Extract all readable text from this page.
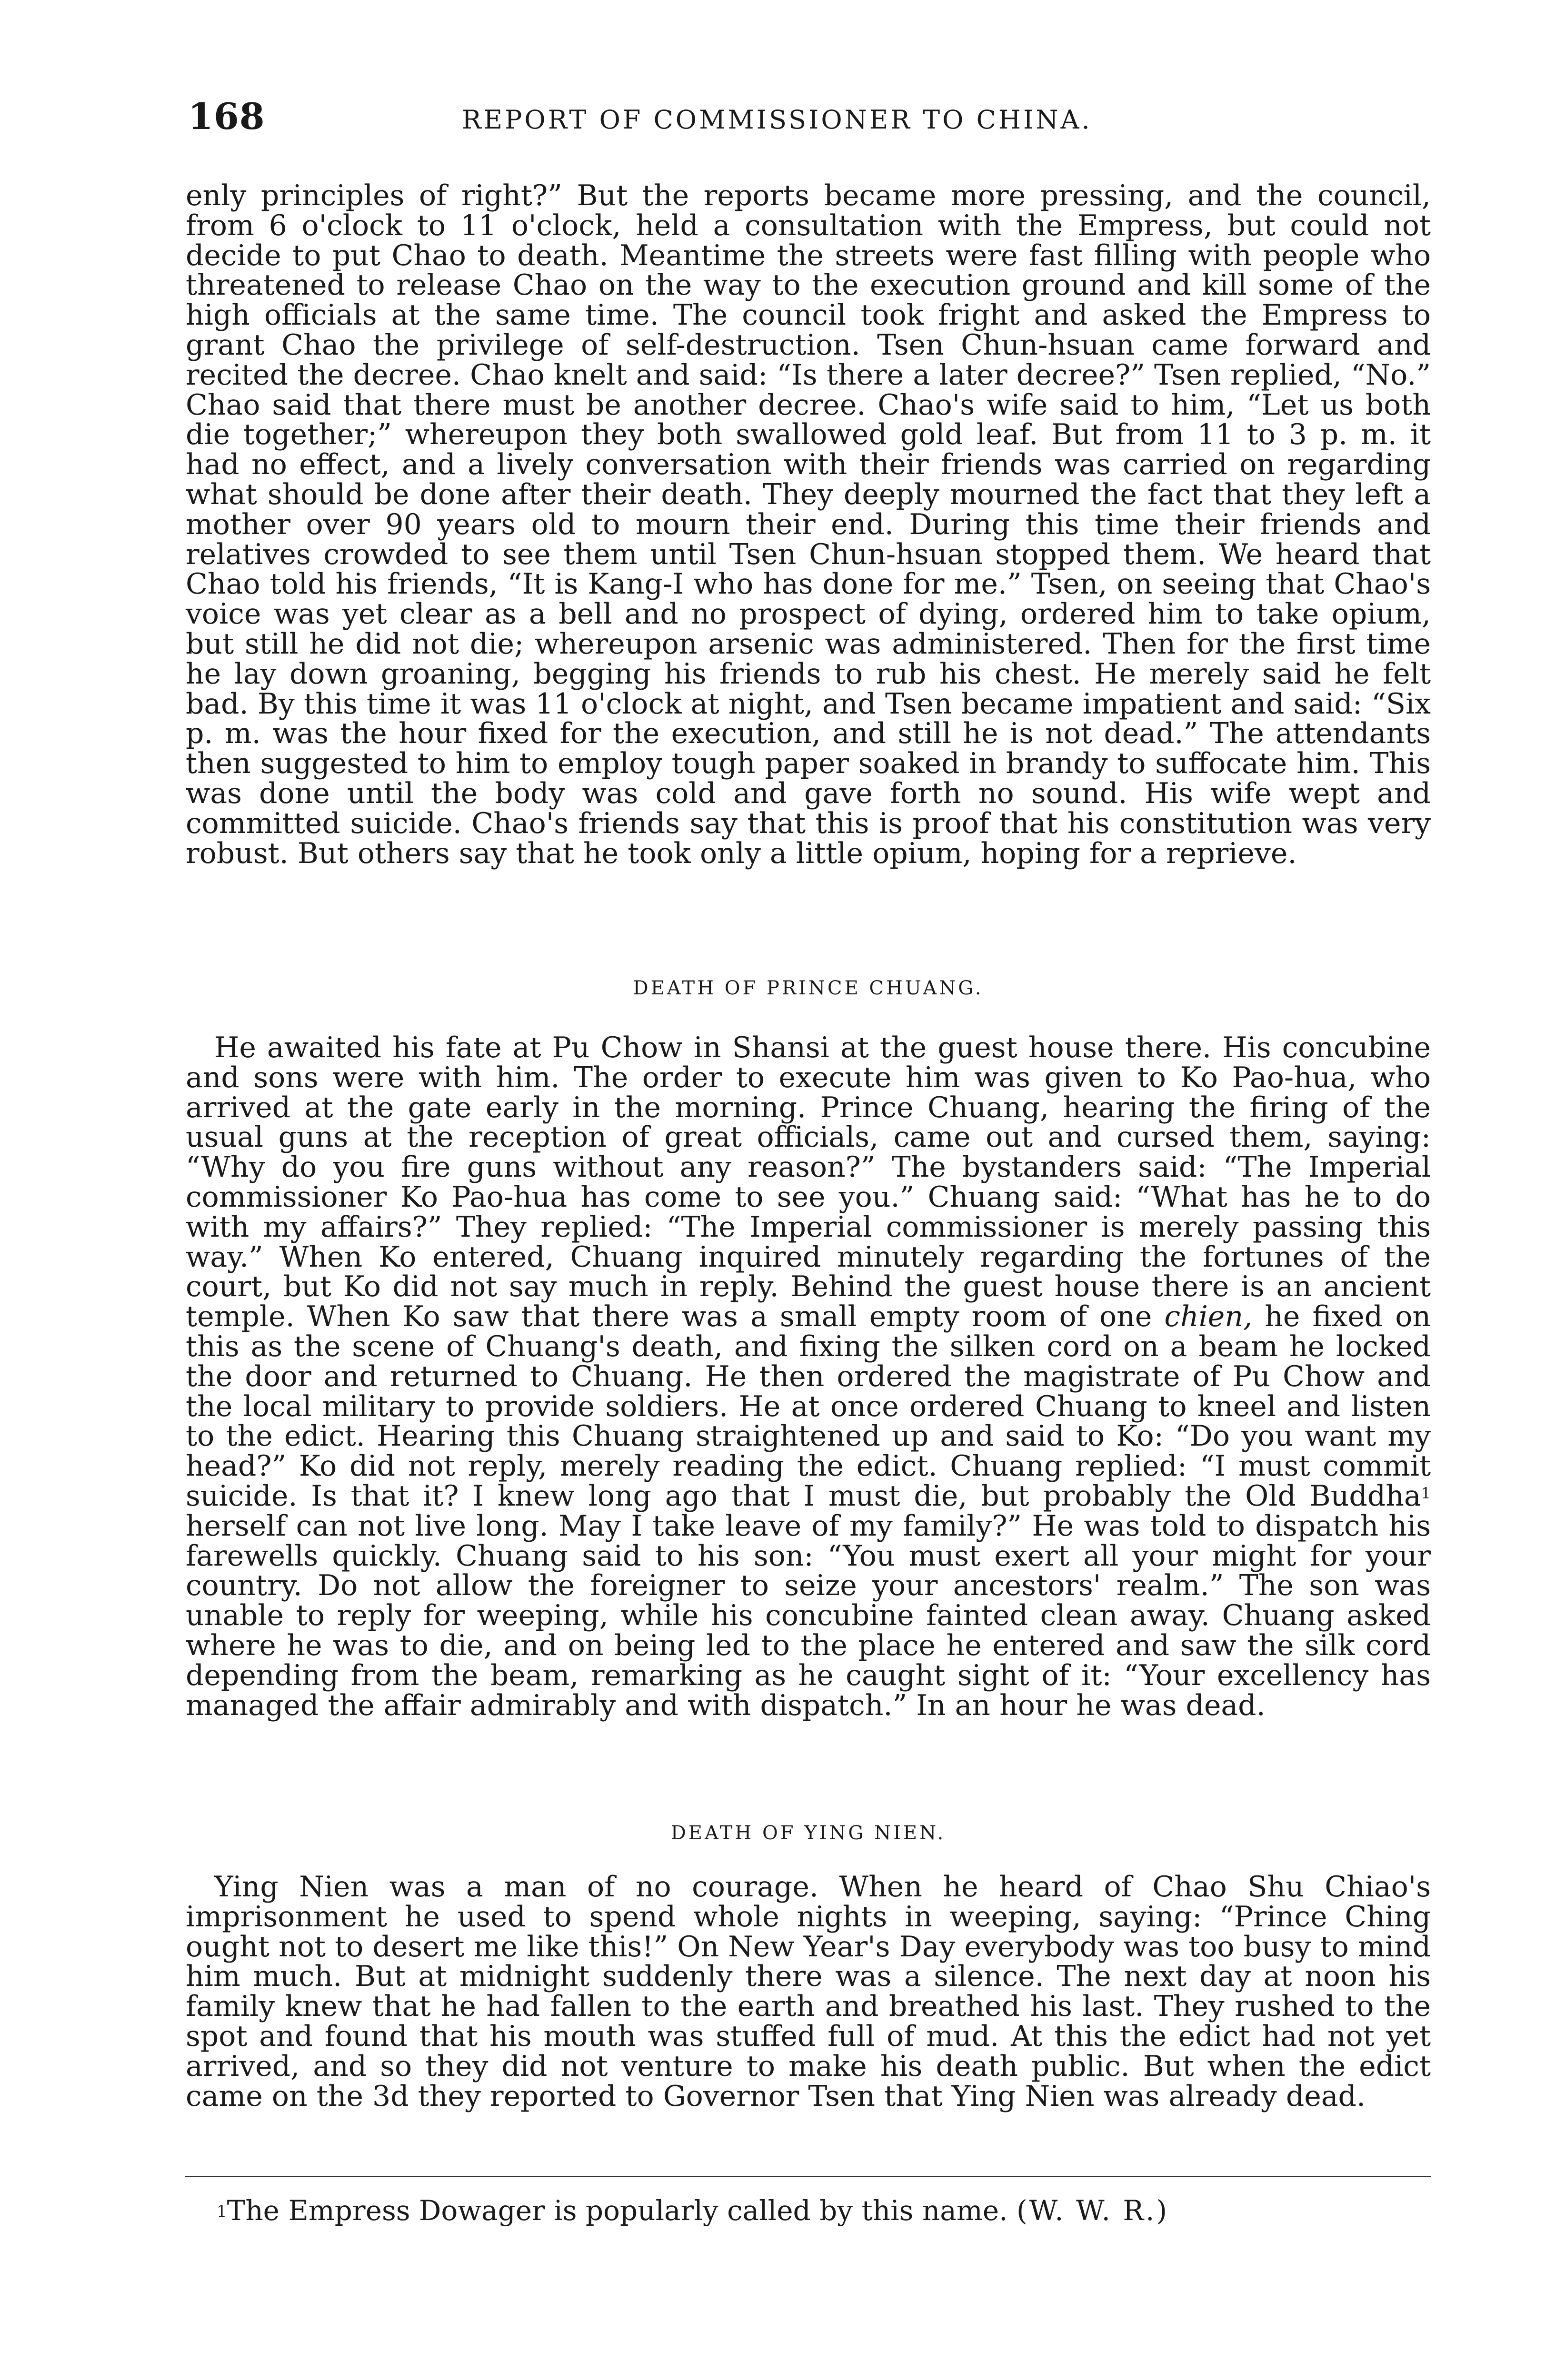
168	REPORT OF COMMISSIONER TO CHINA.

enly principles of right?” But the reports became more pressing, and the council, from 6 o'clock to 11 o'clock, held a consultation with the Empress, but could not decide to put Chao to death. Meantime the streets were fast filling with people who threatened to release Chao on the way to the execution ground and kill some of the high officials at the same time. The council took fright and asked the Empress to grant Chao the privilege of self-destruction. Tsen Chun-hsuan came forward and recited the decree. Chao knelt and said: “Is there a later decree?” Tsen replied, “No.” Chao said that there must be another decree. Chao's wife said to him, “Let us both die together;” whereupon they both swallowed gold leaf. But from 11 to 3 p. m. it had no effect, and a lively conversation with their friends was carried on regarding what should be done after their death. They deeply mourned the fact that they left a mother over 90 years old to mourn their end. During this time their friends and relatives crowded to see them until Tsen Chun-hsuan stopped them. We heard that Chao told his friends, “It is Kang-I who has done for me.” Tsen, on seeing that Chao's voice was yet clear as a bell and no prospect of dying, ordered him to take opium, but still he did not die; whereupon arsenic was administered. Then for the first time he lay down groaning, begging his friends to rub his chest. He merely said he felt bad. By this time it was 11 o'clock at night, and Tsen became impatient and said: “Six p. m. was the hour fixed for the execution, and still he is not dead.” The attendants then suggested to him to employ tough paper soaked in brandy to suffocate him. This was done until the body was cold and gave forth no sound. His wife wept and committed suicide. Chao's friends say that this is proof that his constitution was very robust. But others say that he took only a little opium, hoping for a reprieve.

DEATH OF PRINCE CHUANG.

He awaited his fate at Pu Chow in Shansi at the guest house there. His concubine and sons were with him. The order to execute him was given to Ko Pao-hua, who arrived at the gate early in the morning. Prince Chuang, hearing the firing of the usual guns at the reception of great officials, came out and cursed them, saying: “Why do you fire guns without any reason?” The bystanders said: “The Imperial commissioner Ko Pao-hua has come to see you.” Chuang said: “What has he to do with my affairs?” They replied: “The Imperial commissioner is merely passing this way.” When Ko entered, Chuang inquired minutely regarding the fortunes of the court, but Ko did not say much in reply. Behind the guest house there is an ancient temple. When Ko saw that there was a small empty room of one chien, he fixed on this as the scene of Chuang's death, and fixing the silken cord on a beam he locked the door and returned to Chuang. He then ordered the magistrate of Pu Chow and the local military to provide soldiers. He at once ordered Chuang to kneel and listen to the edict. Hearing this Chuang straightened up and said to Ko: “Do you want my head?” Ko did not reply, merely reading the edict. Chuang replied: “I must commit suicide. Is that it? I knew long ago that I must die, but probably the Old Buddha$^1$ herself can not live long. May I take leave of my family?” He was told to dispatch his farewells quickly. Chuang said to his son: “You must exert all your might for your country. Do not allow the foreigner to seize your ancestors' realm.” The son was unable to reply for weeping, while his concubine fainted clean away. Chuang asked where he was to die, and on being led to the place he entered and saw the silk cord depending from the beam, remarking as he caught sight of it: “Your excellency has managed the affair admirably and with dispatch.” In an hour he was dead.

DEATH OF YING NIEN.

Ying Nien was a man of no courage. When he heard of Chao Shu Chiao's imprisonment he used to spend whole nights in weeping, saying: “Prince Ching ought not to desert me like this!” On New Year's Day everybody was too busy to mind him much. But at midnight suddenly there was a silence. The next day at noon his family knew that he had fallen to the earth and breathed his last. They rushed to the spot and found that his mouth was stuffed full of mud. At this the edict had not yet arrived, and so they did not venture to make his death public. But when the edict came on the 3d they reported to Governor Tsen that Ying Nien was already dead.

$^1$The Empress Dowager is popularly called by this name. (W. W. R.)
